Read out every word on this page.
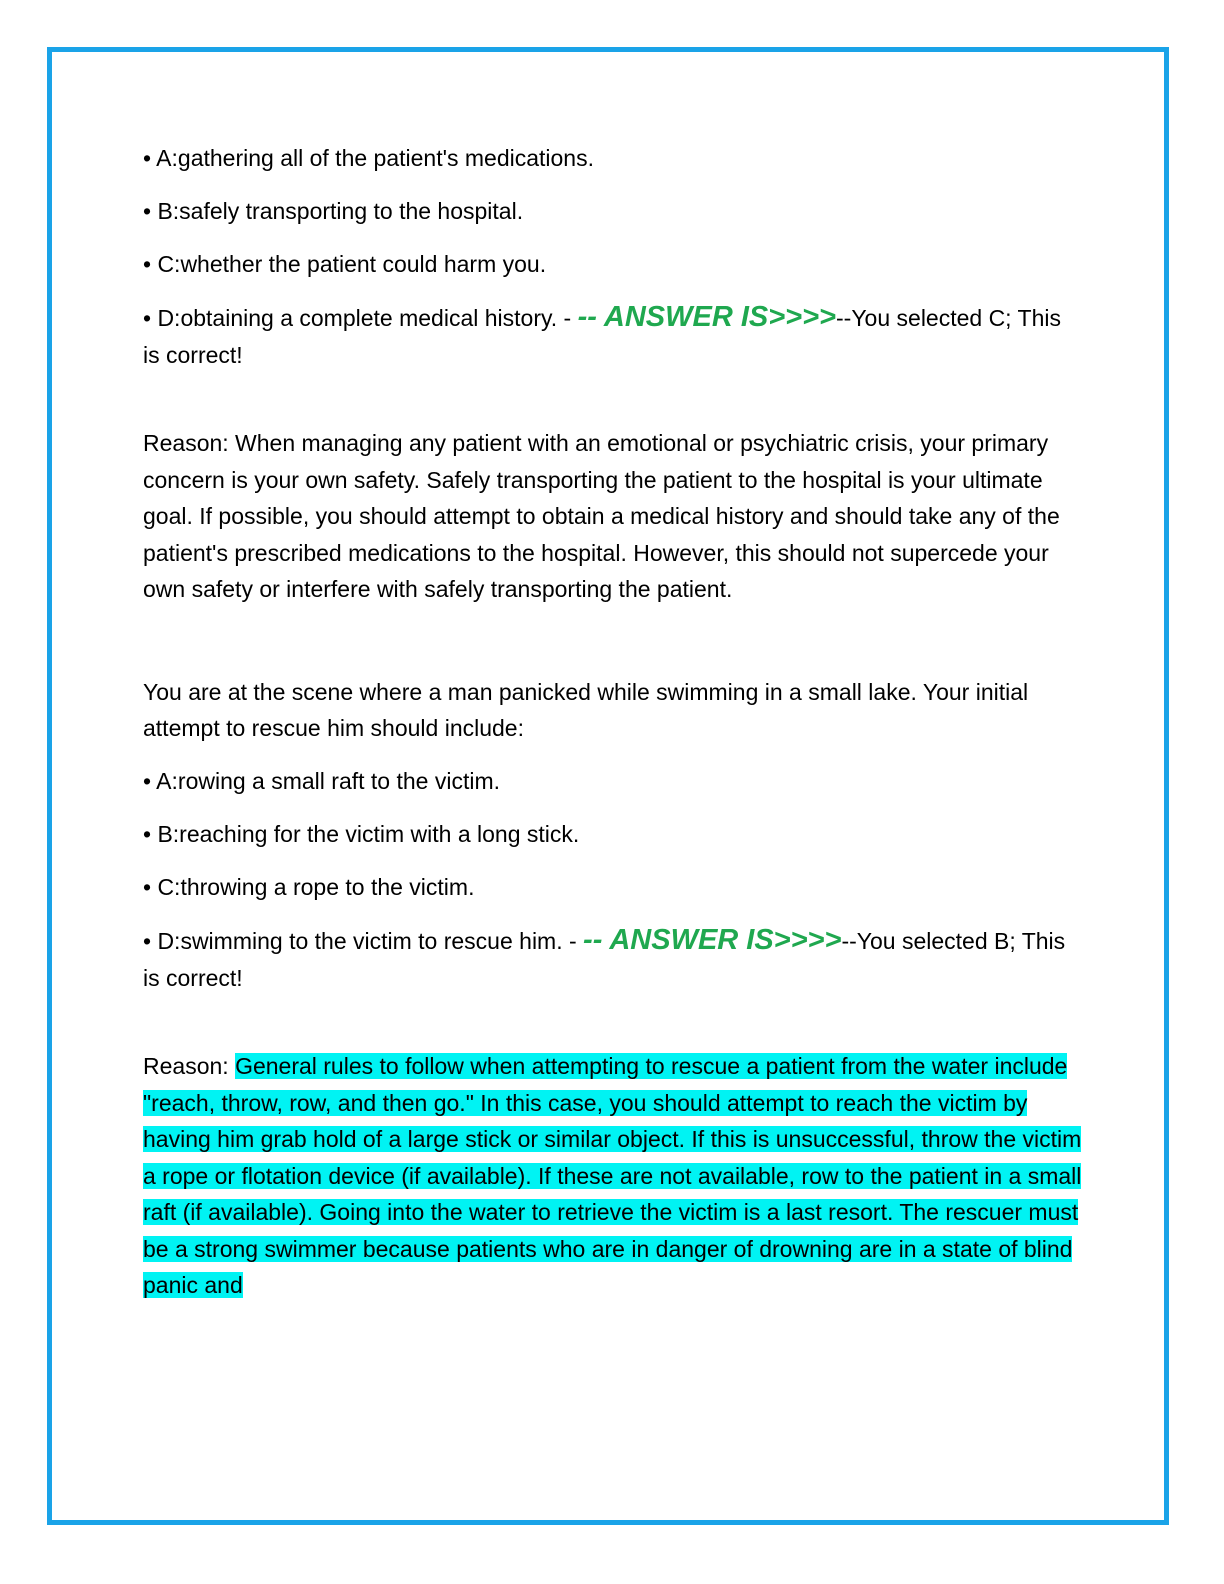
• A:gathering all of the patient's medications.
• B:safely transporting to the hospital.
• C:whether the patient could harm you.
• D:obtaining a complete medical history. - -- ANSWER IS>>>>--You selected C; This is correct!

Reason: When managing any patient with an emotional or psychiatric crisis, your primary concern is your own safety. Safely transporting the patient to the hospital is your ultimate goal. If possible, you should attempt to obtain a medical history and should take any of the patient's prescribed medications to the hospital. However, this should not supercede your own safety or interfere with safely transporting the patient.

You are at the scene where a man panicked while swimming in a small lake. Your initial attempt to rescue him should include:

• A:rowing a small raft to the victim.
• B:reaching for the victim with a long stick.
• C:throwing a rope to the victim.
• D:swimming to the victim to rescue him. - -- ANSWER IS>>>>--You selected B; This is correct!

Reason: General rules to follow when attempting to rescue a patient from the water include "reach, throw, row, and then go." In this case, you should attempt to reach the victim by having him grab hold of a large stick or similar object. If this is unsuccessful, throw the victim a rope or flotation device (if available). If these are not available, row to the patient in a small raft (if available). Going into the water to retrieve the victim is a last resort. The rescuer must be a strong swimmer because patients who are in danger of drowning are in a state of blind panic and
